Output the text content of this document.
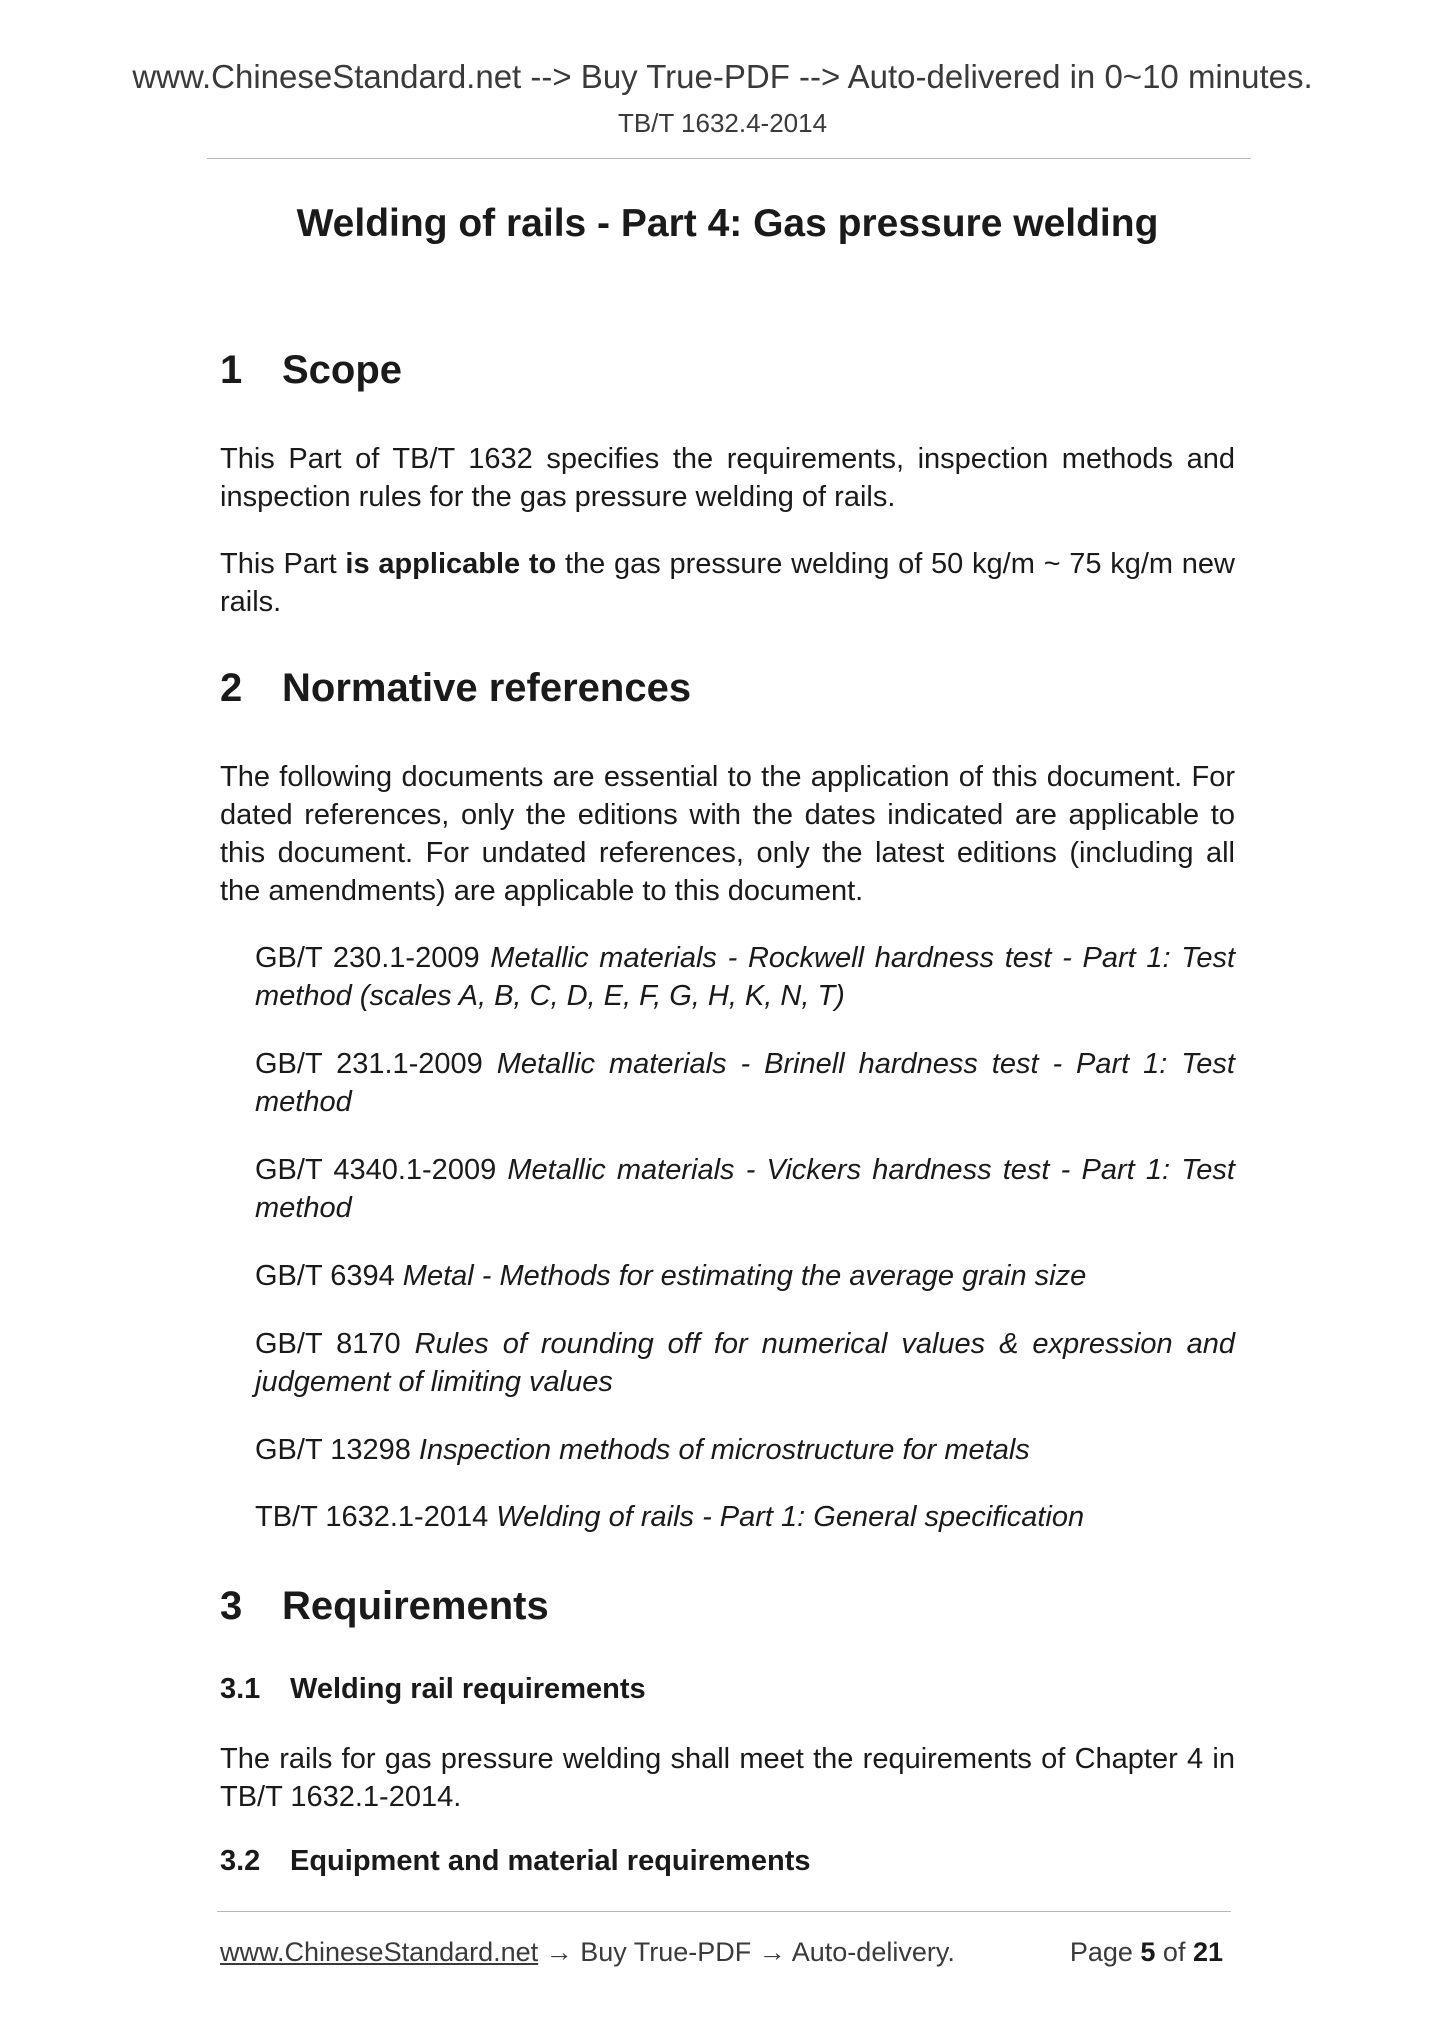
www.ChineseStandard.net --> Buy True-PDF --> Auto-delivered in 0~10 minutes.
TB/T 1632.4-2014
Welding of rails - Part 4: Gas pressure welding
1 Scope

This Part of TB/T 1632 specifies the requirements, inspection methods and inspection rules for the gas pressure welding of rails.

This Part is applicable to the gas pressure welding of 50 kg/m ~ 75 kg/m new rails.

2 Normative references

The following documents are essential to the application of this document. For dated references, only the editions with the dates indicated are applicable to this document. For undated references, only the latest editions (including all the amendments) are applicable to this document.

GB/T 230.1-2009 Metallic materials - Rockwell hardness test - Part 1: Test method (scales A, B, C, D, E, F, G, H, K, N, T)

GB/T 231.1-2009 Metallic materials - Brinell hardness test - Part 1: Test method

GB/T 4340.1-2009 Metallic materials - Vickers hardness test - Part 1: Test method

GB/T 6394 Metal - Methods for estimating the average grain size

GB/T 8170 Rules of rounding off for numerical values & expression and judgement of limiting values

GB/T 13298 Inspection methods of microstructure for metals

TB/T 1632.1-2014 Welding of rails - Part 1: General specification

3 Requirements
3.1 Welding rail requirements

The rails for gas pressure welding shall meet the requirements of Chapter 4 in TB/T 1632.1-2014.

3.2 Equipment and material requirements
www.ChineseStandard.net → Buy True-PDF → Auto-delivery.	Page 5 of 21
